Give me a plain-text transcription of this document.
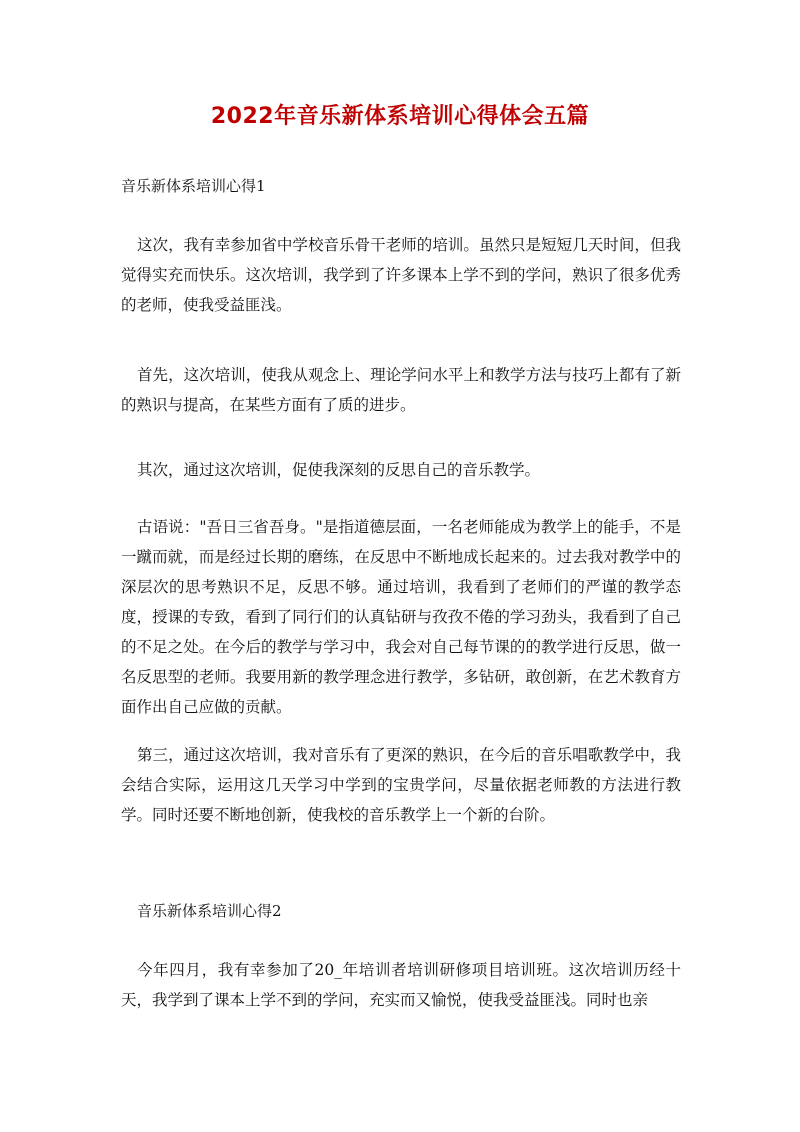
2022年音乐新体系培训心得体会五篇

音乐新体系培训心得1

这次，我有幸参加省中学校音乐骨干老师的培训。虽然只是短短几天时间，但我觉得实充而快乐。这次培训，我学到了许多课本上学不到的学问，熟识了很多优秀的老师，使我受益匪浅。

首先，这次培训，使我从观念上、理论学问水平上和教学方法与技巧上都有了新的熟识与提高，在某些方面有了质的进步。

其次，通过这次培训，促使我深刻的反思自己的音乐教学。

古语说："吾日三省吾身。"是指道德层面，一名老师能成为教学上的能手，不是一蹴而就，而是经过长期的磨练，在反思中不断地成长起来的。过去我对教学中的深层次的思考熟识不足，反思不够。通过培训，我看到了老师们的严谨的教学态度，授课的专致，看到了同行们的认真钻研与孜孜不倦的学习劲头，我看到了自己的不足之处。在今后的教学与学习中，我会对自己每节课的的教学进行反思，做一名反思型的老师。我要用新的教学理念进行教学，多钻研，敢创新，在艺术教育方面作出自己应做的贡献。

第三，通过这次培训，我对音乐有了更深的熟识，在今后的音乐唱歌教学中，我会结合实际，运用这几天学习中学到的宝贵学问，尽量依据老师教的方法进行教学。同时还要不断地创新，使我校的音乐教学上一个新的台阶。

音乐新体系培训心得2

今年四月，我有幸参加了20_年培训者培训研修项目培训班。这次培训历经十天，我学到了课本上学不到的学问，充实而又愉悦，使我受益匪浅。同时也亲
